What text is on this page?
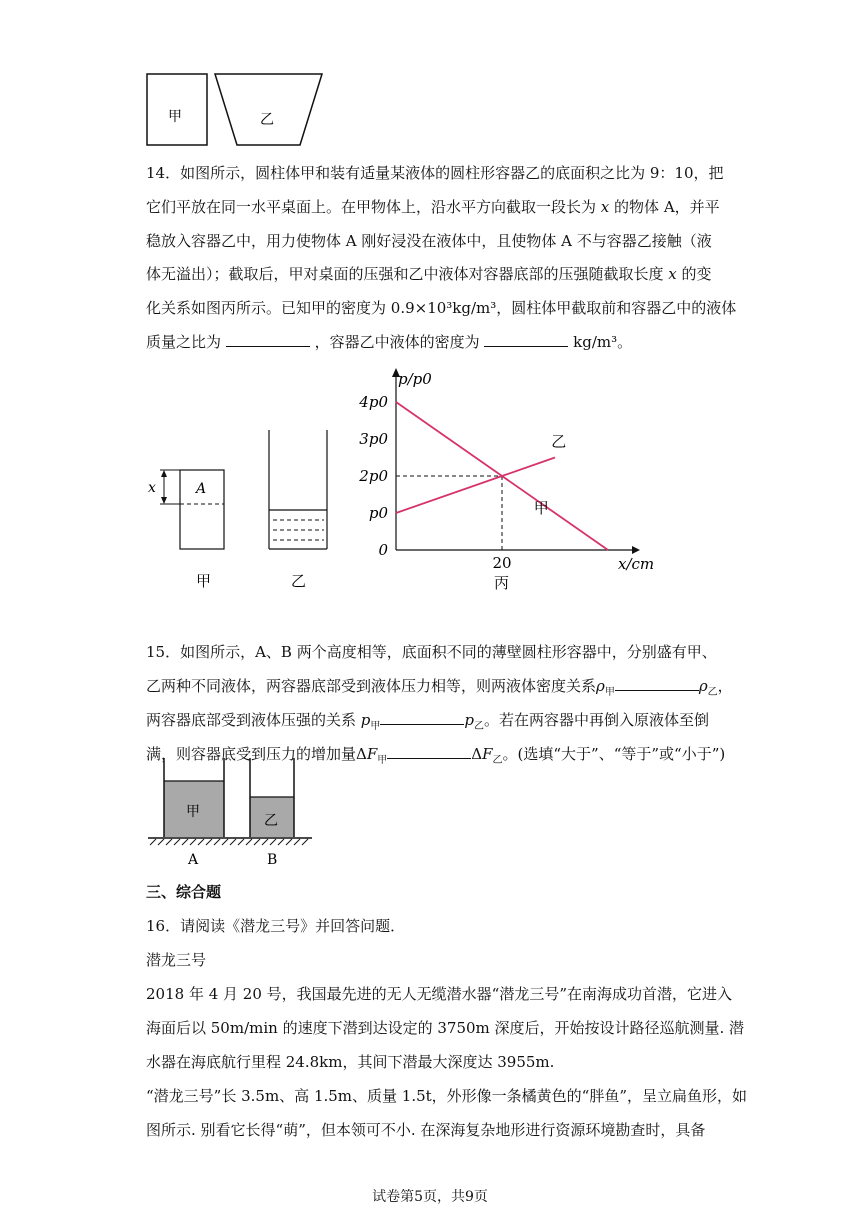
甲	乙
14．如图所示，圆柱体甲和装有适量某液体的圆柱形容器乙的底面积之比为 9：10，把
它们平放在同一水平桌面上。在甲物体上，沿水平方向截取一段长为 x 的物体 A，并平
稳放入容器乙中，用力使物体 A 刚好浸没在液体中，且使物体 A 不与容器乙接触（液
体无溢出）；截取后，甲对桌面的压强和乙中液体对容器底部的压强随截取长度 x 的变
化关系如图丙所示。已知甲的密度为 0.9×10³kg/m³，圆柱体甲截取前和容器乙中的液体
质量之比为	，容器乙中液体的密度为	kg/m³。
x	A
甲	乙
p/p0
x/cm
0
p0
2p0
3p0
4p0
20
甲
乙
丙
15．如图所示，A、B 两个高度相等，底面积不同的薄壁圆柱形容器中，分别盛有甲、
乙两种不同液体，两容器底部受到液体压力相等，则两液体密度关系$\rho_甲$	$\rho_乙$，
两容器底部受到液体压强的关系 $p_甲$	$p_乙$。若在两容器中再倒入原液体至倒
满，则容器底受到压力的增加量$\Delta F_甲$	$\Delta F_乙$。(选填“大于”、“等于”或“小于”)
甲
乙
A	B
三、综合题
16．请阅读《潜龙三号》并回答问题．
潜龙三号
2018 年 4 月 20 号，我国最先进的无人无缆潜水器“潜龙三号”在南海成功首潜，它进入
海面后以 50m/min 的速度下潜到达设定的 3750m 深度后，开始按设计路径巡航测量. 潜
水器在海底航行里程 24.8km，其间下潜最大深度达 3955m.
“潜龙三号”长 3.5m、高 1.5m、质量 1.5t，外形像一条橘黄色的“胖鱼”，呈立扁鱼形，如
图所示. 别看它长得“萌”，但本领可不小. 在深海复杂地形进行资源环境勘查时，具备
试卷第5页，共9页
